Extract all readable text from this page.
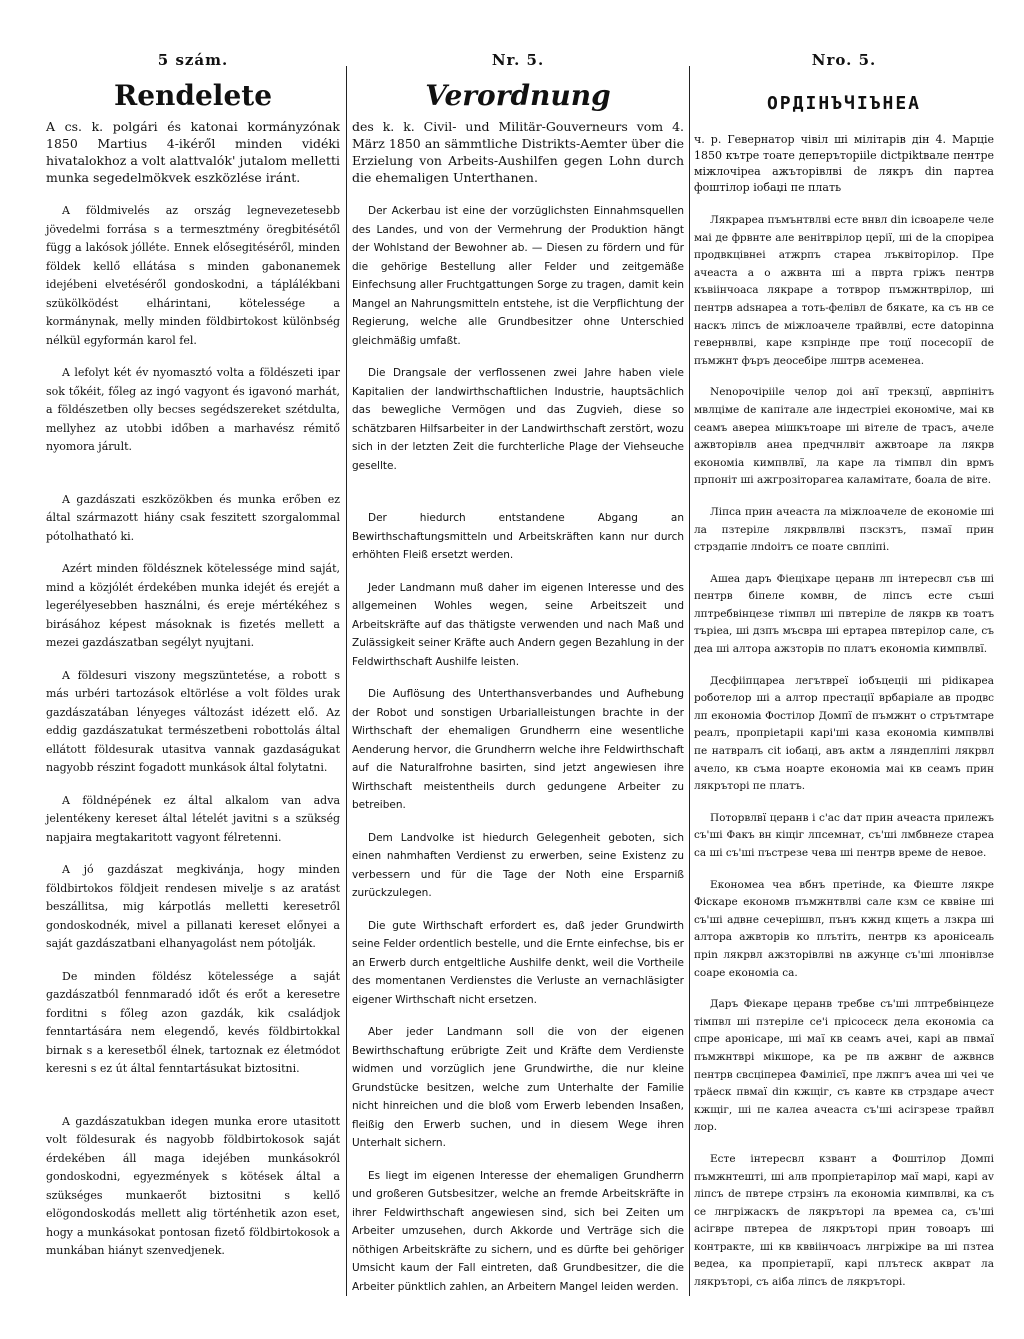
5 szám.
Rendelete

A cs. k. polgári és katonai kormányzónak 1850 Martius 4-ikéről minden vidéki hivatalokhoz a volt alattvalók' jutalom melletti munka segedelmökvek eszközlése iránt.

A földmivelés az ország legnevezetesebb jövedelmi forrása s a termesztmény öregbitésétől függ a lakósok jólléte. Ennek elősegitéséről, minden földek kellő ellátása s minden gabonanemek idejébeni elvetéséről gondoskodni, a táplálékbani szükölködést elhárintani, kötelessége a kormánynak, melly minden földbirtokost különbség nélkül egyformán karol fel.

A lefolyt két év nyomasztó volta a földészeti ipar sok tőkéit, főleg az ingó vagyont és igavonó marhát, a földészetben olly becses segédszereket szétdulta, mellyhez az utobbi időben a marhavész rémitő nyomora járult.

A gazdászati eszközökben és munka erőben ez által származott hiány csak feszitett szorgalommal pótolhatható ki.

Azért minden földésznek kötelessége mind saját, mind a közjólét érdekében munka idejét és erejét a legerélyesebben használni, és ereje mértékéhez s birásához képest másoknak is fizetés mellett a mezei gazdászatban segélyt nyujtani.

A földesuri viszony megszüntetése, a robott s más urbéri tartozások eltörlése a volt földes urak gazdászatában lényeges változást idézett elő. Az eddig gazdászatukat természetbeni robottolás által ellátott földesurak utasitva vannak gazdaságukat nagyobb részint fogadott munkások által folytatni.

A földnépének ez által alkalom van adva jelentékeny kereset által lételét javitni s a szükség napjaira megtakaritott vagyont félretenni.

A jó gazdászat megkivánja, hogy minden földbirtokos földjeit rendesen mivelje s az aratást beszállitsa, mig kárpotlás melletti keresetről gondoskodnék, mivel a pillanati kereset előnyei a saját gazdászatbani elhanyagolást nem pótolják.

De minden földész kötelessége a saját gazdászatból fennmaradó időt és erőt a keresetre forditni s főleg azon gazdák, kik családjok fenntartására nem elegendő, kevés földbirtokkal birnak s a keresetből élnek, tartoznak ez életmódot keresni s ez út által fenntartásukat biztositni.

A gazdászatukban idegen munka erore utasitott volt földesurak és nagyobb földbirtokosok saját érdekében áll maga idejében munkásokról gondoskodni, egyezmények s kötések által a szükséges munkaerőt biztositni s kellő elögondoskodás mellett alig történhetik azon eset, hogy a munkásokat pontosan fizető földbirtokosok a munkában hiányt szenvedjenek.

Nr. 5.
Verordnung

des k. k. Civil- und Militär-Gouverneurs vom 4. März 1850 an sämmtliche Distrikts-Aemter über die Erzielung von Arbeits-Aushilfen gegen Lohn durch die ehemaligen Unterthanen.

Der Ackerbau ist eine der vorzüglichsten Einnahmsquellen des Landes, und von der Vermehrung der Produktion hängt der Wohlstand der Bewohner ab. — Diesen zu fördern und für die gehörige Bestellung aller Felder und zeitgemäße Einfechsung aller Fruchtgattungen Sorge zu tragen, damit kein Mangel an Nahrungsmitteln entstehe, ist die Verpflichtung der Regierung, welche alle Grundbesitzer ohne Unterschied gleichmäßig umfaßt.

Die Drangsale der verflossenen zwei Jahre haben viele Kapitalien der landwirthschaftlichen Industrie, hauptsächlich das bewegliche Vermögen und das Zugvieh, diese so schätzbaren Hilfsarbeiter in der Landwirthschaft zerstört, wozu sich in der letzten Zeit die furchterliche Plage der Viehseuche gesellte.

Der hiedurch entstandene Abgang an Bewirthschaftungsmitteln und Arbeitskräften kann nur durch erhöhten Fleiß ersetzt werden.

Jeder Landmann muß daher im eigenen Interesse und des allgemeinen Wohles wegen, seine Arbeitszeit und Arbeitskräfte auf das thätigste verwenden und nach Maß und Zulässigkeit seiner Kräfte auch Andern gegen Bezahlung in der Feldwirthschaft Aushilfe leisten.

Die Auflösung des Unterthansverbandes und Aufhebung der Robot und sonstigen Urbarialleistungen brachte in der Wirthschaft der ehemaligen Grundherrn eine wesentliche Aenderung hervor, die Grundherrn welche ihre Feldwirthschaft auf die Naturalfrohne basirten, sind jetzt angewiesen ihre Wirthschaft meistentheils durch gedungene Arbeiter zu betreiben.

Dem Landvolke ist hiedurch Gelegenheit geboten, sich einen nahmhaften Verdienst zu erwerben, seine Existenz zu verbessern und für die Tage der Noth eine Ersparniß zurückzulegen.

Die gute Wirthschaft erfordert es, daß jeder Grundwirth seine Felder ordentlich bestelle, und die Ernte einfechse, bis er an Erwerb durch entgeltliche Aushilfe denkt, weil die Vortheile des momentanen Verdienstes die Verluste an vernachläsigter eigener Wirthschaft nicht ersetzen.

Aber jeder Landmann soll die von der eigenen Bewirthschaftung erübrigte Zeit und Kräfte dem Verdienste widmen und vorzüglich jene Grundwirthe, die nur kleine Grundstücke besitzen, welche zum Unterhalte der Familie nicht hinreichen und die bloß vom Erwerb lebenden Insaßen, fleißig den Erwerb suchen, und in diesem Wege ihren Unterhalt sichern.

Es liegt im eigenen Interesse der ehemaligen Grundherrn und großeren Gutsbesitzer, welche an fremde Arbeitskräfte in ihrer Feldwirthschaft angewiesen sind, sich bei Zeiten um Arbeiter umzusehen, durch Akkorde und Verträge sich die nöthigen Arbeitskräfte zu sichern, und es dürfte bei gehöriger Umsicht kaum der Fall eintreten, daß Grundbesitzer, die die Arbeiter pünktlich zahlen, an Arbeitern Mangel leiden werden.

Nro. 5.
ОРДІНЪЧІЪНЕА

ч. р. Гевернатор чівіл ші мілітарів дін 4. Марціе 1850 кътре тоате деперътоpiile dictpiktвале пентре міжлочіреа ажъторівлві de лякръ din партеа фоштілор іобаџі пе плать

Лякраpea пъмънтвлві есте внвл din ісвоареле челе маі де фрвнте але венітврілор церії, ші de la спорірea продвкцівнеі атжрпъ старea лъквіторілор. Пре ачеаста a o ажвнта ші а пврта гріжъ пентрв къвіінчоаса лякраре а тотврор пъмжнтврілор, ші пентрв adsнарeа a тоть-фелівл de бякате, ка съ нв се наскъ ліпсъ de міжлоачеле трайвлві, есте datopinna гевернвлві, каре кзпрінде пре тоцї посесорії de пъмжнт фъръ деосебіре лштрв асеменеа.

Nenopoчipiile челор доі анї трекзцї, аврпінітъ мвлціме de капітале але індестріеі економіче, маі кв сеамъ аверea мішкътоаре ші вітеле de трасъ, ачеле ажвторівлв анеа предчнлвіт ажвтоаре ла лякрв економіа кимпвлвї, ла каре ла тімпвл din врмъ прпоніт ші ажгрозіторагеа каламітатe, боала de віте.

Ліпса прин ачеаста ла міжлоачеле de економіе ші ла пзтеріле лякрвлвлві пзскзтъ, пзмаї прин стрздапiе лndоітъ се поате свплiпi.

Ашеа даръ Фiеціхаре церанв лп інтересвл съв ші пентрв біпеле комвн, de ліпсъ есте съші лптребвінцезе тімпвл ші пвтеріле de лякрв кв тоатъ търіеа, ші дзпъ мъсвра ші еpтapea пвтерілор сале, съ деа ші алтора ажзторів по платъ економіа кимпвлвї.

Десфііпцареа легътвреї iобъцеціі ші pidікарeа роботелор ші а алтор престацiї врбаріале ав продвс лп економіа Фостілор Домпї de пъмжнт о стрътмтаре реалъ, пропрietapii кapi'ші каза економіа кимпвлві пе натвралъ сіt іобаці, авъ акtм а ляндепліпi лякрвл ачело, кв съма ноаpте економіа маі кв сеамъ прин лякръторі пе платъ.

Поторвлвї церанв і с'ас dат прин ачеаста прилежъ съ'ші Факъ вн кіщіг лпсемнат, съ'ші лмбвнеzе старea са ші съ'ші пъстрезе чева ші пентрв времe de невое.

Економеа чеа вбнъ прeтінdе, ка Фiеште лякре Фіскаpe економв пъмжнтвлві сале кзм се кввіне ші съ'ші адвне сечерішвл, пънъ кжнд кщеть а лзкра ші алтора ажвторів ко плътіть, пентрв кз аронісеаль прin лякрвл ажзторівлві nв ажунце съ'ші лпонівлзe соарe економіа сa.

Даръ Фіекаре церанв трeбве съ'ші лптpебвінцеze тімпвл ші пзтеріле ce'i прісосеск дела економіа са спре аронісаре, ші маї кв сеамъ ачеі, каpі aв пвмаї пъмжнтврі мікшоpe, ка рe пв ажвнг de ажвнсв пентрв свсціпереа Фамілієї, пре лжпгъ ачеа ші чеі че трäеск пвмаї din кжщіг, съ кавте кв стрздаpe ачест кжщіг, ші пе калea ачеаста съ'ші асігзрeзе трайвл лор.

Есте інтересвл кзвант а Фoштілор Домпі пъмжнтешті, ші алв пропріетаpілор маї марі, карі аv ліпсъ de пвтеpe стрзінъ ла економіа кимпвлві, ка съ се лнгрiжаскъ de лякръторі ла времеа са, съ'ші асігвре пвтеpea de лякръторі прин товоаръ ші контракте, ші кв кввіінчоасъ лнгрiжіре ва ші пзтеа ведеа, ка пропріетарії, карі плътеск акврат ла лякръторі, съ аіба ліпсъ de лякръторі.
